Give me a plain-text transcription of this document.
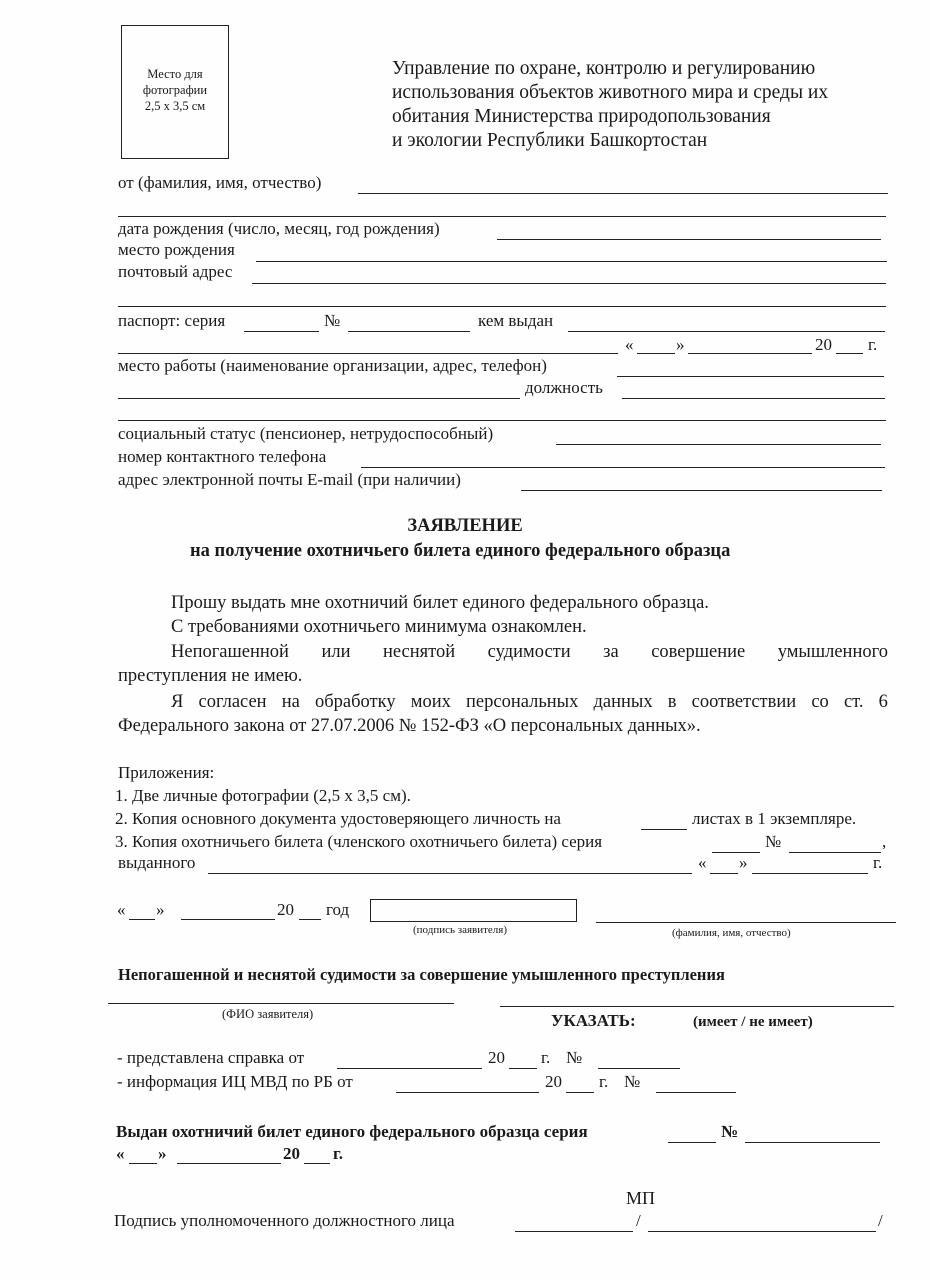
Место для
фотографии
2,5 x 3,5 см
Управление по охране, контролю и регулированию
использования объектов животного мира и среды их
обитания Министерства природопользования
и экологии Республики Башкортостан
от (фамилия, имя, отчество)
дата рождения (число, месяц, год рождения)
место рождения
почтовый адрес
паспорт: серия	№	кем выдан
«	»	20 г.
место работы (наименование организации, адрес, телефон)
должность
социальный статус (пенсионер, нетрудоспособный)
номер контактного телефона
адрес электронной почты E-mail (при наличии)
ЗАЯВЛЕНИЕ
на получение охотничьего билета единого федерального образца
Прошу выдать мне охотничий билет единого федерального образца.
С требованиями охотничьего минимума ознакомлен.
Непогашенной или неснятой судимости за совершение умышленного
преступления не имею.
Я согласен на обработку моих персональных данных в соответствии со ст. 6
Федерального закона от 27.07.2006 № 152-ФЗ «О персональных данных».
Приложения:
1. Две личные фотографии (2,5 х 3,5 см).
2. Копия основного документа удостоверяющего личность на	листах в 1 экземпляре.
3. Копия охотничьего билета (членского охотничьего билета) серия	№	,
выданного	« »	г.
« »	20 год
(подпись заявителя)	(фамилия, имя, отчество)
Непогашенной и неснятой судимости за совершение умышленного преступления
(ФИО заявителя)	УКАЗАТЬ:	(имеет / не имеет)
- представлена справка от	20 г. №
- информация ИЦ МВД по РБ от	20 г. №
Выдан охотничий билет единого федерального образца серия	№
« »	20 г.
МП
Подпись уполномоченного должностного лица	/	/
